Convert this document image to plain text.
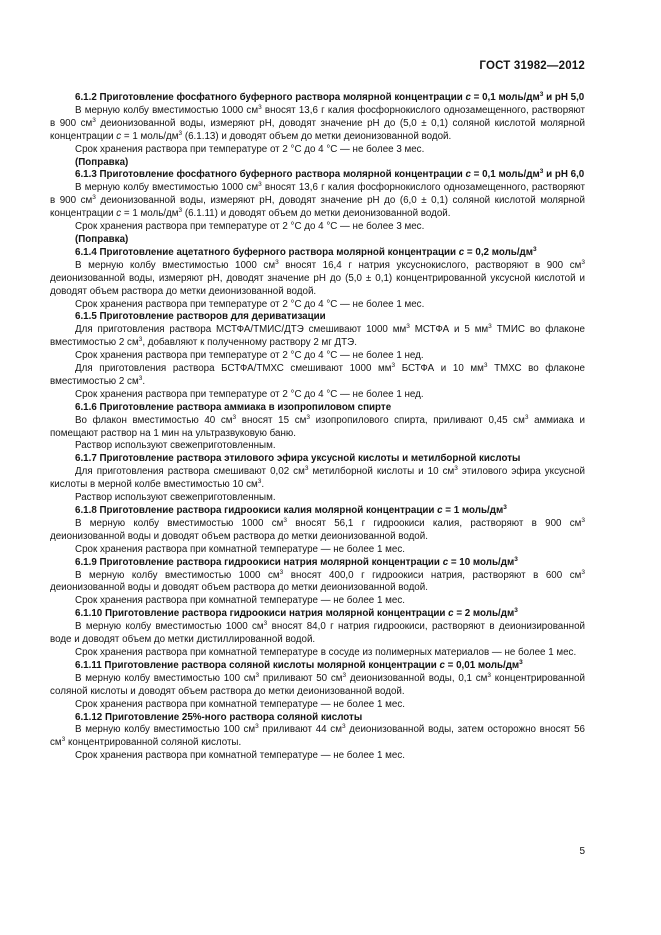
ГОСТ 31982—2012

6.1.2 Приготовление фосфатного буферного раствора молярной концентрации c = 0,1 моль/$дм^3$ и рН 5,0

В мерную колбу вместимостью 1000 $см^3$ вносят 13,6 г калия фосфорнокислого однозамещенного, растворяют в 900 $см^3$ деионизованной воды, измеряют рН, доводят значение рН до (5,0 ± 0,1) соляной кислотой молярной концентрации c = 1 моль/$дм^3$ (6.1.13) и доводят объем до метки деионизованной водой.

Срок хранения раствора при температуре от 2 °С до 4 °С — не более 3 мес.

(Поправка)

6.1.3 Приготовление фосфатного буферного раствора молярной концентрации c = 0,1 моль/$дм^3$ и рН 6,0

В мерную колбу вместимостью 1000 $см^3$ вносят 13,6 г калия фосфорнокислого однозамещенного, растворяют в 900 $см^3$ деионизованной воды, измеряют рН, доводят значение рН до (6,0 ± 0,1) соляной кислотой молярной концентрации c = 1 моль/$дм^3$ (6.1.11) и доводят объем до метки деионизованной водой.

Срок хранения раствора при температуре от 2 °С до 4 °С — не более 3 мес.

(Поправка)

6.1.4 Приготовление ацетатного буферного раствора молярной концентрации c = 0,2 моль/$дм^3$

В мерную колбу вместимостью 1000 $см^3$ вносят 16,4 г натрия уксуснокислого, растворяют в 900 $см^3$ деионизованной воды, измеряют рН, доводят значение рН до (5,0 ± 0,1) концентрированной уксусной кислотой и доводят объем раствора до метки деионизованной водой.

Срок хранения раствора при температуре от 2 °С до 4 °С — не более 1 мес.

6.1.5 Приготовление растворов для дериватизации

Для приготовления раствора МСТФА/ТМИС/ДТЭ смешивают 1000 $мм^3$ МСТФА и 5 $мм^3$ ТМИС во флаконе вместимостью 2 $см^3$, добавляют к полученному раствору 2 мг ДТЭ.

Срок хранения раствора при температуре от 2 °С до 4 °С — не более 1 нед.

Для приготовления раствора БСТФА/ТМХС смешивают 1000 $мм^3$ БСТФА и 10 $мм^3$ ТМХС во флаконе вместимостью 2 $см^3$.

Срок хранения раствора при температуре от 2 °С до 4 °С — не более 1 нед.

6.1.6 Приготовление раствора аммиака в изопропиловом спирте

Во флакон вместимостью 40 $см^3$ вносят 15 $см^3$ изопропилового спирта, приливают 0,45 $см^3$ аммиака и помещают раствор на 1 мин на ультразвуковую баню.

Раствор используют свежеприготовленным.

6.1.7 Приготовление раствора этилового эфира уксусной кислоты и метилборной кислоты

Для приготовления раствора смешивают 0,02 $см^3$ метилборной кислоты и 10 $см^3$ этилового эфира уксусной кислоты в мерной колбе вместимостью 10 $см^3$.

Раствор используют свежеприготовленным.

6.1.8 Приготовление раствора гидроокиси калия молярной концентрации c = 1 моль/$дм^3$

В мерную колбу вместимостью 1000 $см^3$ вносят 56,1 г гидроокиси калия, растворяют в 900 $см^3$ деионизованной воды и доводят объем раствора до метки деионизованной водой.

Срок хранения раствора при комнатной температуре — не более 1 мес.

6.1.9 Приготовление раствора гидроокиси натрия молярной концентрации c = 10 моль/$дм^3$

В мерную колбу вместимостью 1000 $см^3$ вносят 400,0 г гидроокиси натрия, растворяют в 600 $см^3$ деионизованной воды и доводят объем раствора до метки деионизованной водой.

Срок хранения раствора при комнатной температуре — не более 1 мес.

6.1.10 Приготовление раствора гидроокиси натрия молярной концентрации c = 2 моль/$дм^3$

В мерную колбу вместимостью 1000 $см^3$ вносят 84,0 г натрия гидроокиси, растворяют в деионизированной воде и доводят объем до метки дистиллированной водой.

Срок хранения раствора при комнатной температуре в сосуде из полимерных материалов — не более 1 мес.

6.1.11 Приготовление раствора соляной кислоты молярной концентрации c = 0,01 моль/$дм^3$

В мерную колбу вместимостью 100 $см^3$ приливают 50 $см^3$ деионизованной воды, 0,1 $см^3$ концентрированной соляной кислоты и доводят объем раствора до метки деионизованной водой.

Срок хранения раствора при комнатной температуре — не более 1 мес.

6.1.12 Приготовление 25%-ного раствора соляной кислоты

В мерную колбу вместимостью 100 $см^3$ приливают 44 $см^3$ деионизованной воды, затем осторожно вносят 56 $см^3$ концентрированной соляной кислоты.

Срок хранения раствора при комнатной температуре — не более 1 мес.

5
